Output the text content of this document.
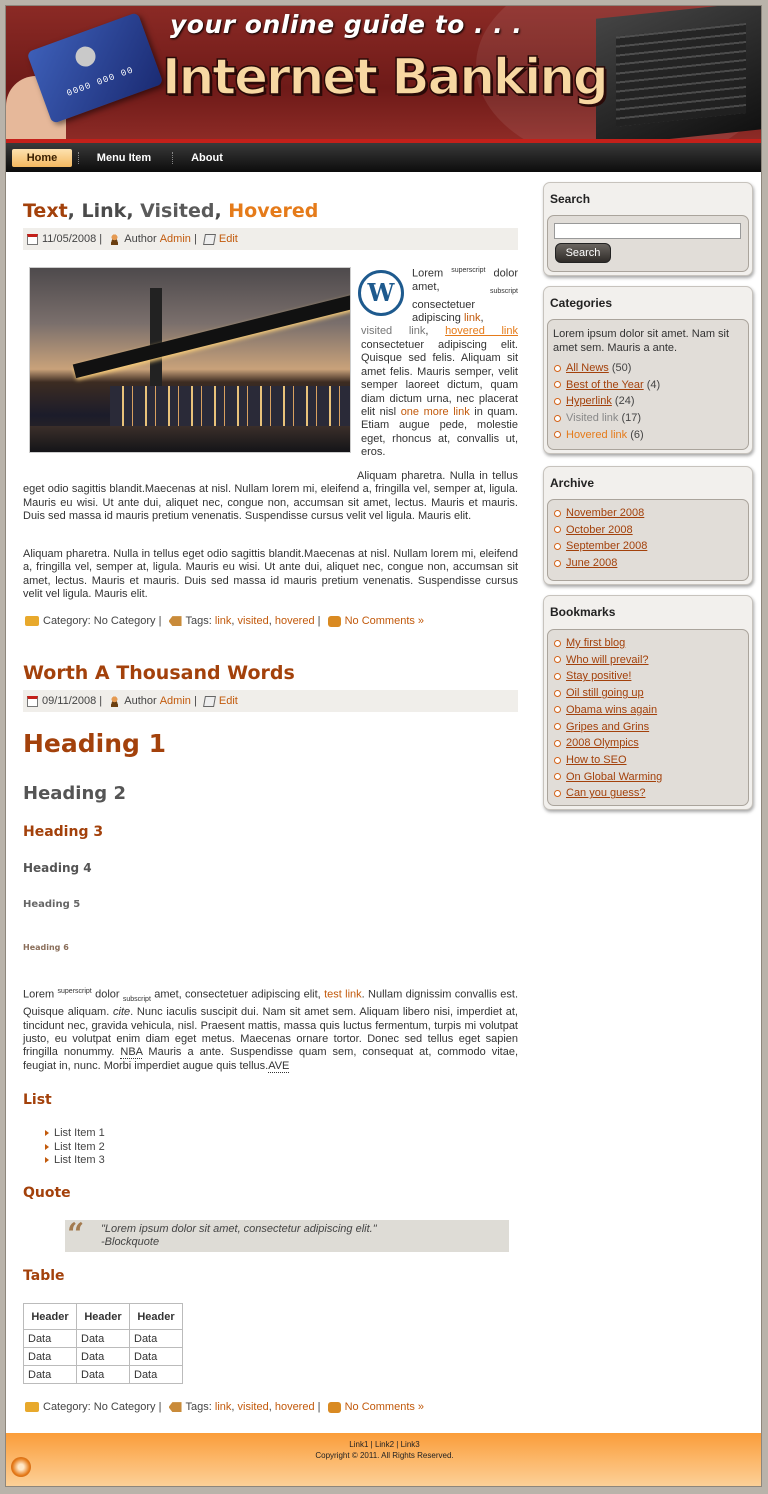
0000 000 00
your online guide to . . .
Internet Banking
Home	Menu Item	About
Text, Link, Visited, Hovered
11/05/2008 | Author Admin | Edit
W
Lorem $^{superscript}$ dolor amet, $_{subscript}$ consectetuer adipiscing link,
visited link, hovered link consectetuer adipiscing elit. Quisque sed felis. Aliquam sit amet felis. Mauris semper, velit semper laoreet dictum, quam diam dictum urna, nec placerat elit nisl one more link in quam. Etiam augue pede, molestie eget, rhoncus at, convallis ut, eros.
Aliquam pharetra. Nulla in tellus eget odio sagittis blandit.Maecenas at nisl. Nullam lorem mi, eleifend a, fringilla vel, semper at, ligula. Mauris eu wisi. Ut ante dui, aliquet nec, congue non, accumsan sit amet, lectus. Mauris et mauris. Duis sed massa id mauris pretium venenatis. Suspendisse cursus velit vel ligula. Mauris elit.
Aliquam pharetra. Nulla in tellus eget odio sagittis blandit.Maecenas at nisl. Nullam lorem mi, eleifend a, fringilla vel, semper at, ligula. Mauris eu wisi. Ut ante dui, aliquet nec, congue non, accumsan sit amet, lectus. Mauris et mauris. Duis sed massa id mauris pretium venenatis. Suspendisse cursus velit vel ligula. Mauris elit.
Category: No Category | Tags: link, visited, hovered | No Comments »
Worth A Thousand Words
09/11/2008 | Author Admin | Edit
Heading 1
Heading 2
Heading 3
Heading 4
Heading 5
Heading 6
Lorem $^{superscript}$ dolor $_{subscript}$ amet, consectetuer adipiscing elit, test link. Nullam dignissim convallis est. Quisque aliquam. cite. Nunc iaculis suscipit dui. Nam sit amet sem. Aliquam libero nisi, imperdiet at, tincidunt nec, gravida vehicula, nisl. Praesent mattis, massa quis luctus fermentum, turpis mi volutpat justo, eu volutpat enim diam eget metus. Maecenas ornare tortor. Donec sed tellus eget sapien fringilla nonummy. NBA Mauris a ante. Suspendisse quam sem, consequat at, commodo vitae, feugiat in, nunc. Morbi imperdiet augue quis tellus.AVE
List
List Item 1
List Item 2
List Item 3
Quote
“ "Lorem ipsum dolor sit amet, consectetur adipiscing elit."
-Blockquote
Table
Header	Header	Header
Data	Data	Data
Data	Data	Data
Data	Data	Data
Category: No Category | Tags: link, visited, hovered | No Comments »
Search
Search
Categories
Lorem ipsum dolor sit amet. Nam sit amet sem. Mauris a ante.
All News (50)
Best of the Year (4)
Hyperlink (24)
Visited link (17)
Hovered link (6)
Archive
November 2008
October 2008
September 2008
June 2008
Bookmarks
My first blog
Who will prevail?
Stay positive!
Oil still going up
Obama wins again
Gripes and Grins
2008 Olympics
How to SEO
On Global Warming
Can you guess?
Link1 | Link2 | Link3
Copyright © 2011. All Rights Reserved.
